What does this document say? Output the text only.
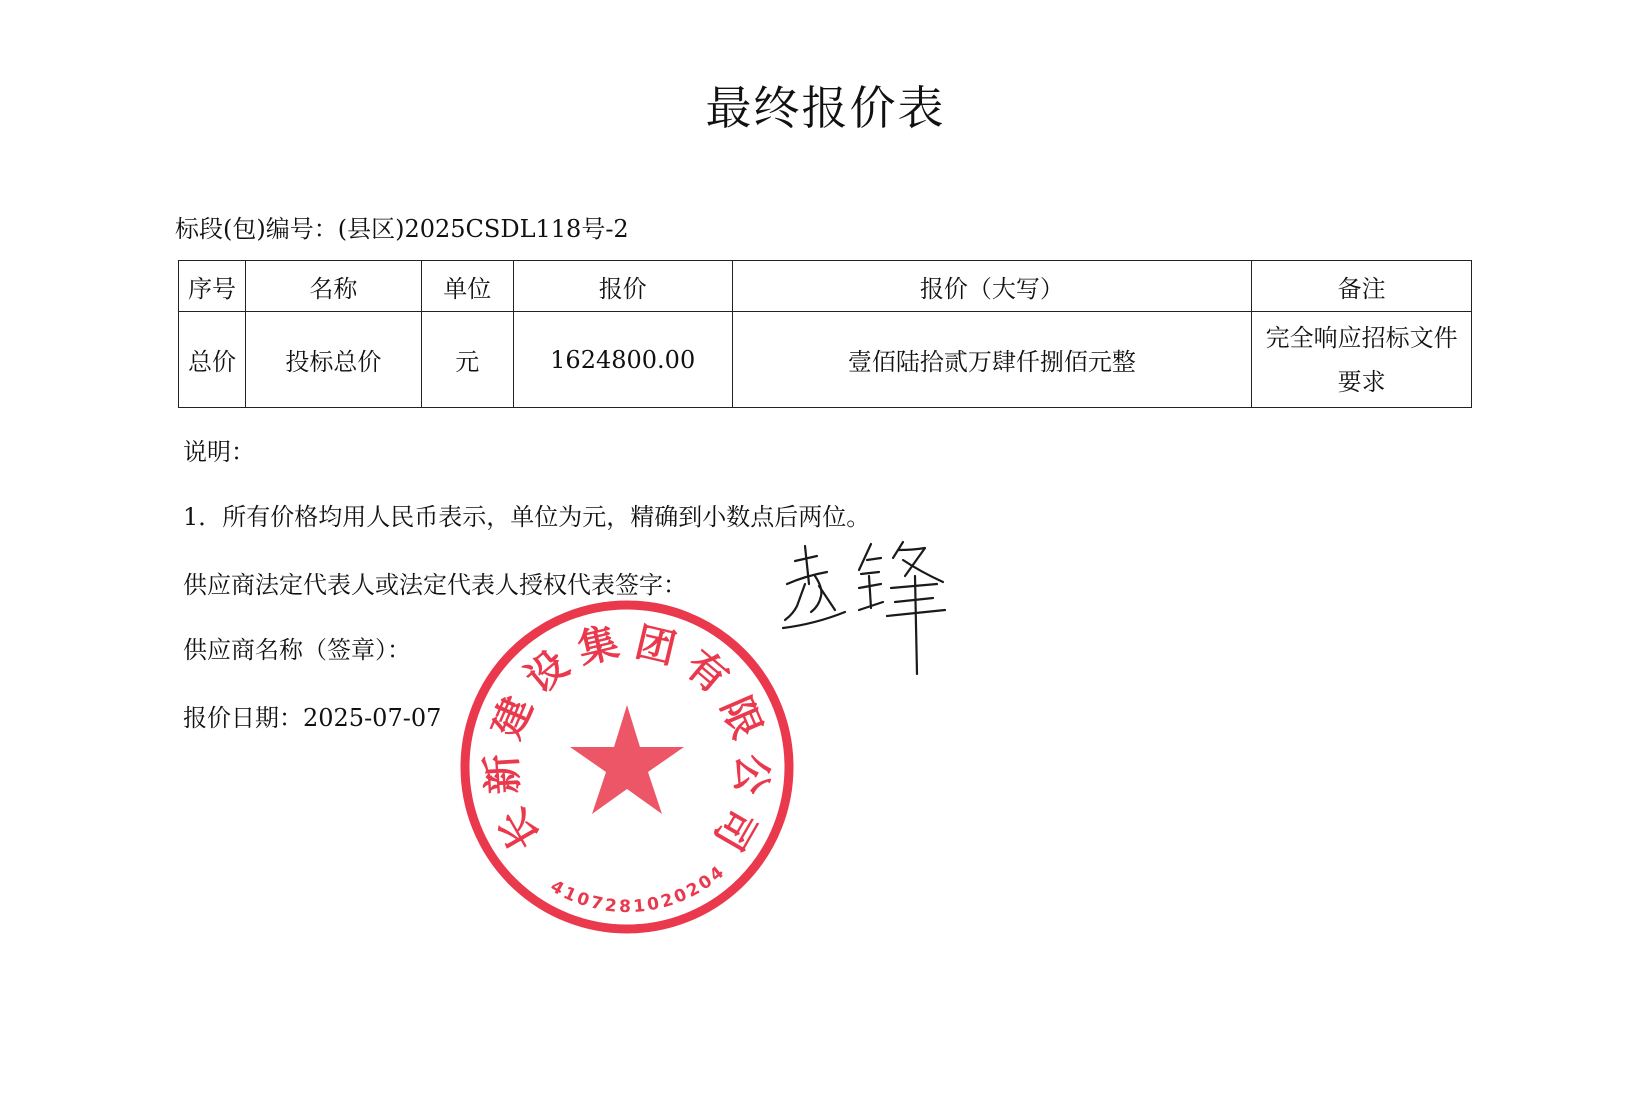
最终报价表
标段(包)编号：(县区)2025CSDL118号-2
序号	名称	单位	报价	报价（大写）	备注
总价	投标总价	元	1624800.00	壹佰陆拾贰万肆仟捌佰元整	完全响应招标文件要求
说明：
1．所有价格均用人民币表示，单位为元，精确到小数点后两位。
供应商法定代表人或法定代表人授权代表签字：
供应商名称（签章）：
报价日期：2025-07-07
长
新
建
设
集 团
有
限
公
司
4
1
0
7 2 8 1 0
2
0
2
0
4
